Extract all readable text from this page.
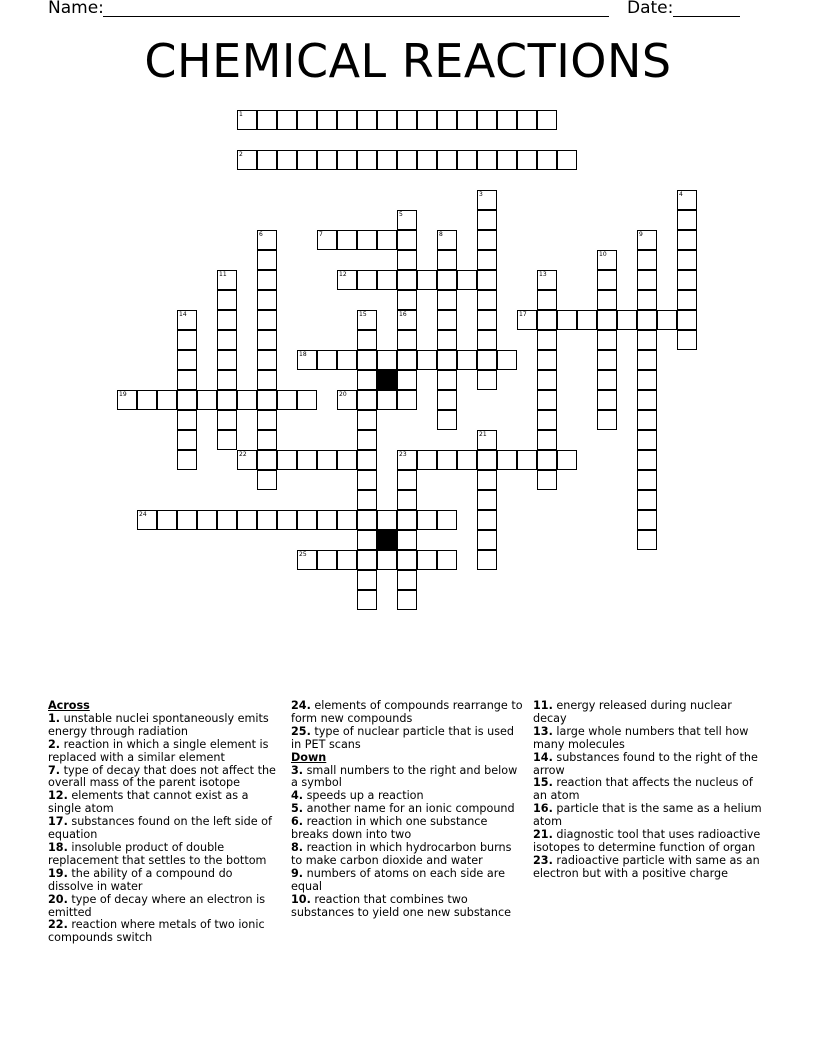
Name:	Date:
CHEMICAL REACTIONS
1
2
3	4
5
16
6	7	8	9
10
11	12	13
14	15	17
18
19	20
21
22	23
24
25
Across
1. unstable nuclei spontaneously emits energy through radiation
2. reaction in which a single element is replaced with a similar element
7. type of decay that does not affect the overall mass of the parent isotope
12. elements that cannot exist as a single atom
17. substances found on the left side of equation
18. insoluble product of double replacement that settles to the bottom
19. the ability of a compound do dissolve in water
20. type of decay where an electron is emitted
22. reaction where metals of two ionic compounds switch
24. elements of compounds rearrange to form new compounds
25. type of nuclear particle that is used in PET scans
Down
3. small numbers to the right and below a symbol
4. speeds up a reaction
5. another name for an ionic compound
6. reaction in which one substance breaks down into two
8. reaction in which hydrocarbon burns to make carbon dioxide and water
9. numbers of atoms on each side are equal
10. reaction that combines two substances to yield one new substance
11. energy released during nuclear decay
13. large whole numbers that tell how many molecules
14. substances found to the right of the arrow
15. reaction that affects the nucleus of an atom
16. particle that is the same as a helium atom
21. diagnostic tool that uses radioactive isotopes to determine function of organ
23. radioactive particle with same as an electron but with a positive charge
